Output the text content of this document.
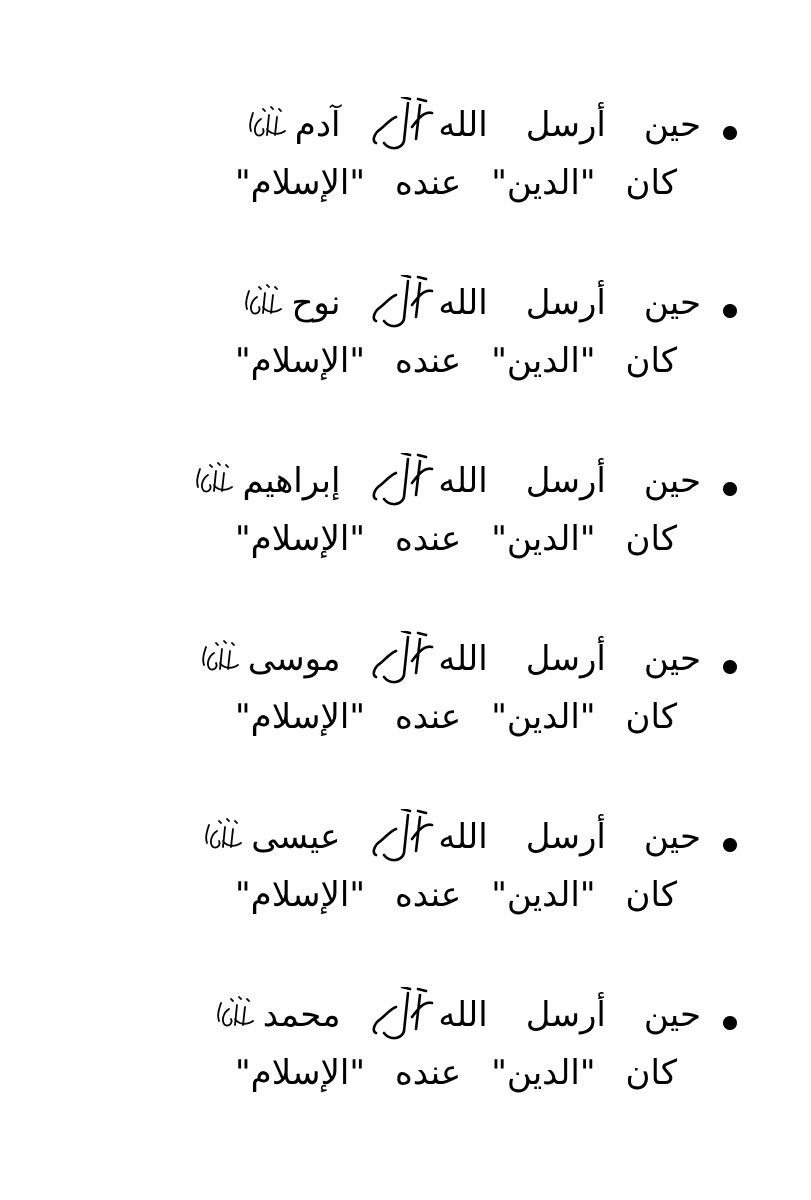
حين
أرسل
الله
آدم
كان
"الدين"
عنده
"الإسلام"
حين
أرسل
الله
نوح
كان
"الدين"
عنده
"الإسلام"
حين
أرسل
الله
إبراهيم
كان
"الدين"
عنده
"الإسلام"
حين
أرسل
الله
موسى
كان
"الدين"
عنده
"الإسلام"
حين
أرسل
الله
عيسى
كان
"الدين"
عنده
"الإسلام"
حين
أرسل
الله
محمد
كان
"الدين"
عنده
"الإسلام"
